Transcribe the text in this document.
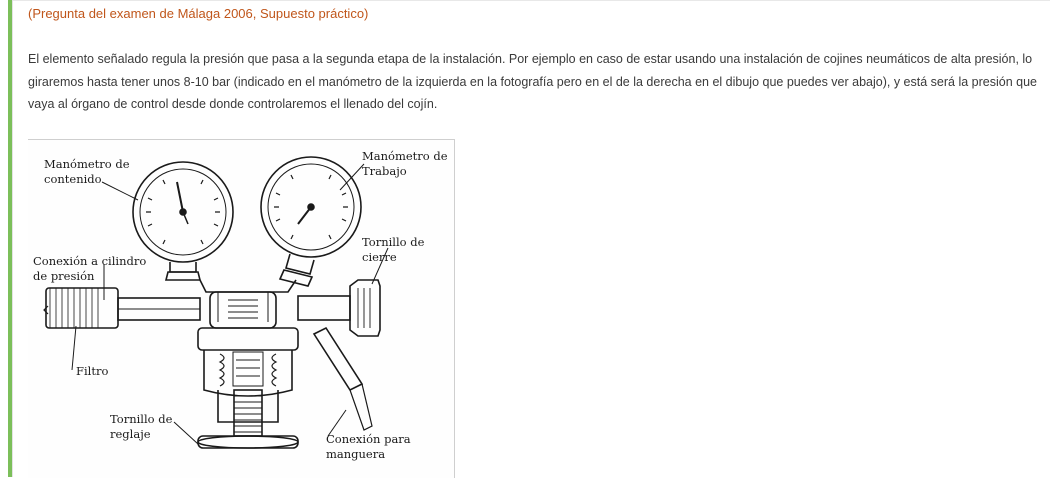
(Pregunta del examen de Málaga 2006, Supuesto práctico)
El elemento señalado regula la presión que pasa a la segunda etapa de la instalación. Por ejemplo en caso de estar usando una instalación de cojines neumáticos de alta presión, lo giraremos hasta tener unos 8-10 bar (indicado en el manómetro de la izquierda en la fotografía pero en el de la derecha en el dibujo que puedes ver abajo), y está será la presión que vaya al órgano de control desde donde controlaremos el llenado del cojín.
Manómetro de
contenido
Manómetro de
Trabajo
Tornillo de
cierre
Conexión a cilindro
de presión
Filtro
Tornillo de
reglaje	Conexión para
manguera
